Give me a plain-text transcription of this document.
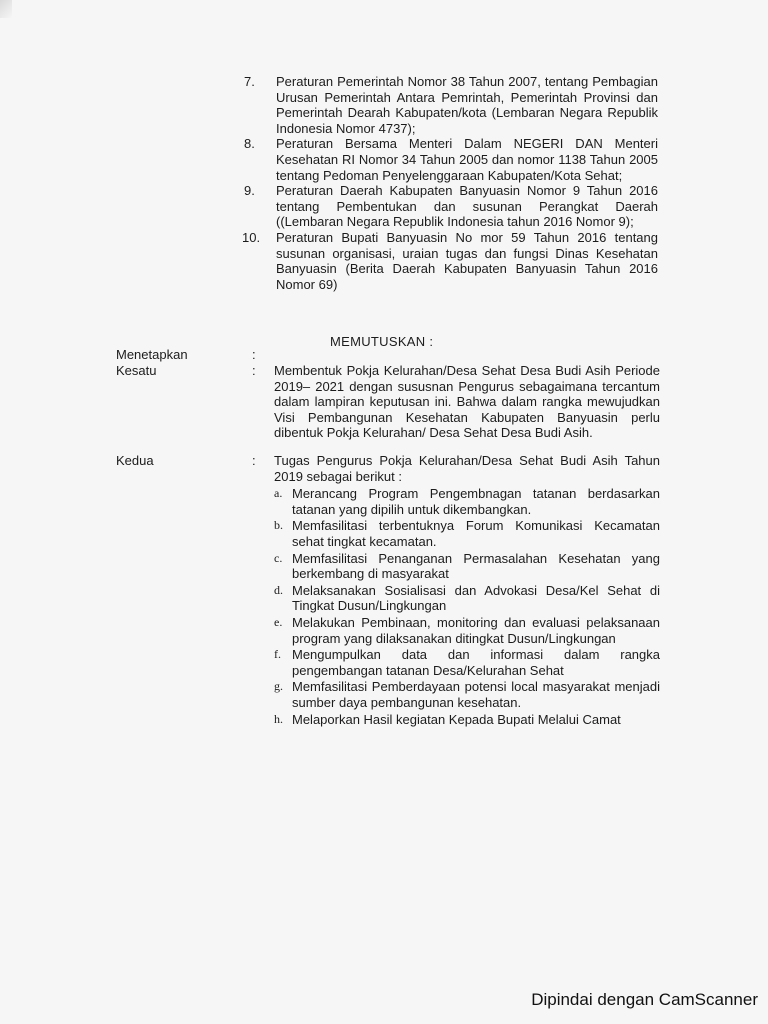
7.	Peraturan Pemerintah Nomor 38 Tahun 2007, tentang Pembagian Urusan Pemerintah Antara Pemrintah, Pemerintah Provinsi dan Pemerintah Dearah Kabupaten/kota (Lembaran Negara Republik Indonesia Nomor 4737);
8.	Peraturan Bersama Menteri Dalam NEGERI DAN Menteri Kesehatan RI Nomor 34 Tahun 2005 dan nomor 1138 Tahun 2005 tentang Pedoman Penyelenggaraan Kabupaten/Kota Sehat;
9.	Peraturan Daerah Kabupaten Banyuasin Nomor 9 Tahun 2016 tentang Pembentukan dan susunan Perangkat Daerah ((Lembaran Negara Republik Indonesia tahun 2016 Nomor 9);
10.	Peraturan Bupati Banyuasin No mor 59 Tahun 2016 tentang susunan organisasi, uraian tugas dan fungsi Dinas Kesehatan Banyuasin (Berita Daerah Kabupaten Banyuasin Tahun 2016 Nomor 69)
MEMUTUSKAN :
Menetapkan	:
Kesatu	:	Membentuk Pokja Kelurahan/Desa Sehat Desa Budi Asih Periode 2019– 2021 dengan sususnan Pengurus sebagaimana tercantum dalam lampiran keputusan ini. Bahwa dalam rangka mewujudkan Visi Pembangunan Kesehatan Kabupaten Banyuasin perlu dibentuk Pokja Kelurahan/ Desa Sehat Desa Budi Asih.
Kedua	:	Tugas Pengurus Pokja Kelurahan/Desa Sehat Budi Asih Tahun 2019 sebagai berikut :
a. Merancang Program Pengembnagan tatanan berdasarkan tatanan yang dipilih untuk dikembangkan.
b. Memfasilitasi terbentuknya Forum Komunikasi Kecamatan sehat tingkat kecamatan.
c. Memfasilitasi Penanganan Permasalahan Kesehatan yang berkembang di masyarakat
d. Melaksanakan Sosialisasi dan Advokasi Desa/Kel Sehat di Tingkat Dusun/Lingkungan
e. Melakukan Pembinaan, monitoring dan evaluasi pelaksanaan program yang dilaksanakan ditingkat Dusun/Lingkungan
f. Mengumpulkan data dan informasi dalam rangka pengembangan tatanan Desa/Kelurahan Sehat
g. Memfasilitasi Pemberdayaan potensi local masyarakat menjadi sumber daya pembangunan kesehatan.
h. Melaporkan Hasil kegiatan Kepada Bupati Melalui Camat
Dipindai dengan CamScanner
